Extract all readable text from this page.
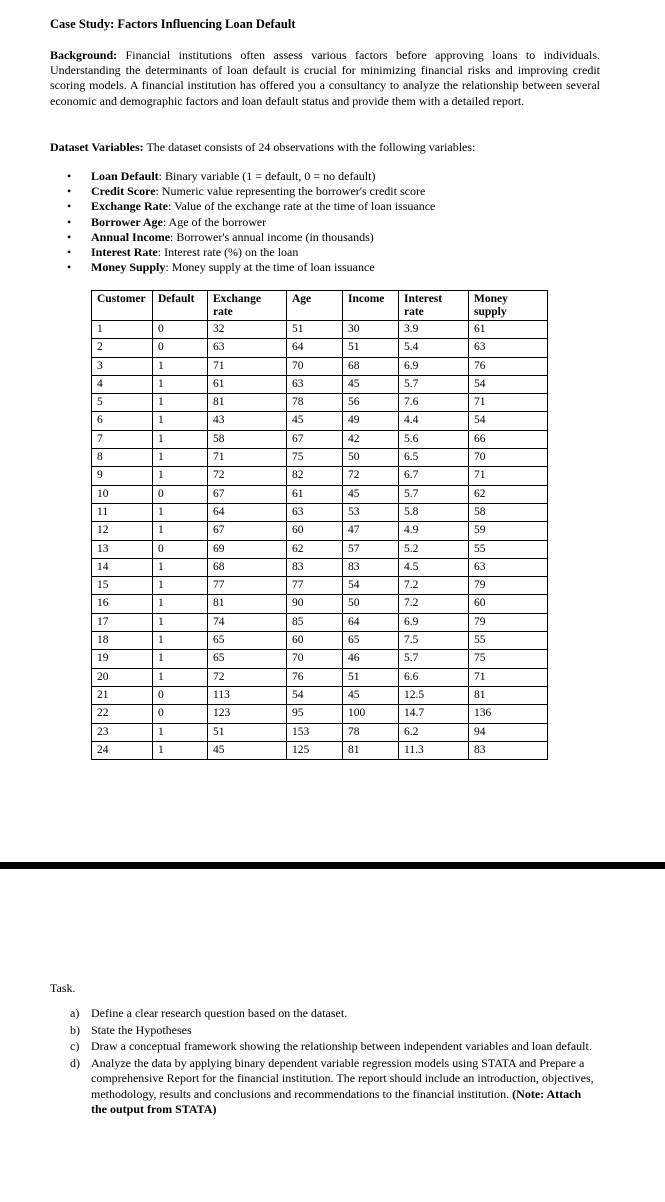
Case Study: Factors Influencing Loan Default
Background: Financial institutions often assess various factors before approving loans to individuals. Understanding the determinants of loan default is crucial for minimizing financial risks and improving credit scoring models. A financial institution has offered you a consultancy to analyze the relationship between several economic and demographic factors and loan default status and provide them with a detailed report.
Dataset Variables: The dataset consists of 24 observations with the following variables:
• Loan Default: Binary variable (1 = default, 0 = no default)
• Credit Score: Numeric value representing the borrower's credit score
• Exchange Rate: Value of the exchange rate at the time of loan issuance
• Borrower Age: Age of the borrower
• Annual Income: Borrower's annual income (in thousands)
• Interest Rate: Interest rate (%) on the loan
• Money Supply: Money supply at the time of loan issuance
Customer	Default	Exchange rate	Age	Income	Interest rate	Money supply
1	0	32	51	30	3.9	61
2	0	63	64	51	5.4	63
3	1	71	70	68	6.9	76
4	1	61	63	45	5.7	54
5	1	81	78	56	7.6	71
6	1	43	45	49	4.4	54
7	1	58	67	42	5.6	66
8	1	71	75	50	6.5	70
9	1	72	82	72	6.7	71
10	0	67	61	45	5.7	62
11	1	64	63	53	5.8	58
12	1	67	60	47	4.9	59
13	0	69	62	57	5.2	55
14	1	68	83	83	4.5	63
15	1	77	77	54	7.2	79
16	1	81	90	50	7.2	60
17	1	74	85	64	6.9	79
18	1	65	60	65	7.5	55
19	1	65	70	46	5.7	75
20	1	72	76	51	6.6	71
21	0	113	54	45	12.5	81
22	0	123	95	100	14.7	136
23	1	51	153	78	6.2	94
24	1	45	125	81	11.3	83
Task.
a) Define a clear research question based on the dataset.
b) State the Hypotheses
c) Draw a conceptual framework showing the relationship between independent variables and loan default.
d) Analyze the data by applying binary dependent variable regression models using STATA and Prepare a comprehensive Report for the financial institution. The report should include an introduction, objectives, methodology, results and conclusions and recommendations to the financial institution. (Note: Attach the output from STATA)
